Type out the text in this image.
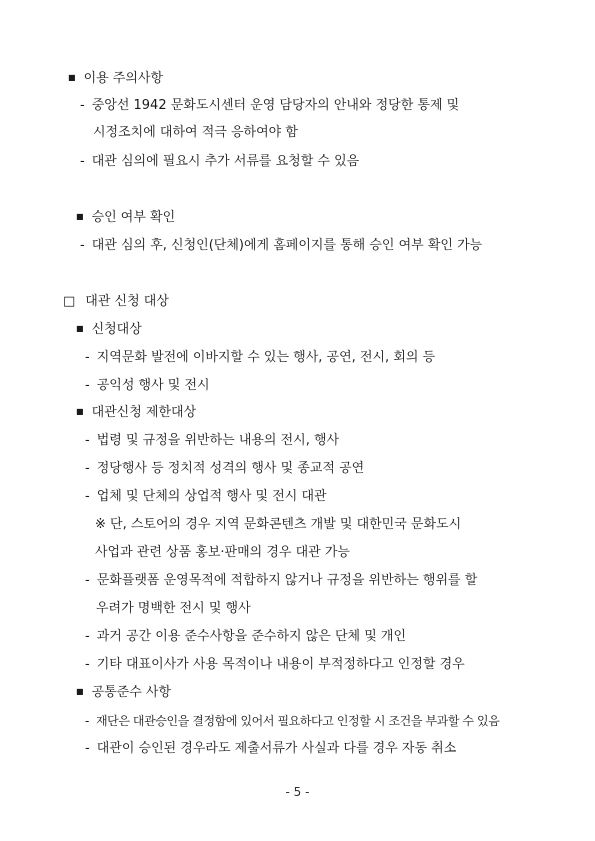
■ 이용 주의사항
- 중앙선 1942 문화도시센터 운영 담당자의 안내와 정당한 통제 및
시정조치에 대하여 적극 응하여야 함
- 대관 심의에 필요시 추가 서류를 요청할 수 있음
■ 승인 여부 확인
- 대관 심의 후, 신청인(단체)에게 홈페이지를 통해 승인 여부 확인 가능
□ 대관 신청 대상
■ 신청대상
- 지역문화 발전에 이바지할 수 있는 행사, 공연, 전시, 회의 등
- 공익성 행사 및 전시
■ 대관신청 제한대상
- 법령 및 규정을 위반하는 내용의 전시, 행사
- 정당행사 등 정치적 성격의 행사 및 종교적 공연
- 업체 및 단체의 상업적 행사 및 전시 대관
※ 단, 스토어의 경우 지역 문화콘텐츠 개발 및 대한민국 문화도시
사업과 관련 상품 홍보·판매의 경우 대관 가능
- 문화플랫폼 운영목적에 적합하지 않거나 규정을 위반하는 행위를 할
우려가 명백한 전시 및 행사
- 과거 공간 이용 준수사항을 준수하지 않은 단체 및 개인
- 기타 대표이사가 사용 목적이나 내용이 부적정하다고 인정할 경우
■ 공통준수 사항
- 재단은 대관승인을 결정함에 있어서 필요하다고 인정할 시 조건을 부과할 수 있음
- 대관이 승인된 경우라도 제출서류가 사실과 다를 경우 자동 취소
- 5 -
